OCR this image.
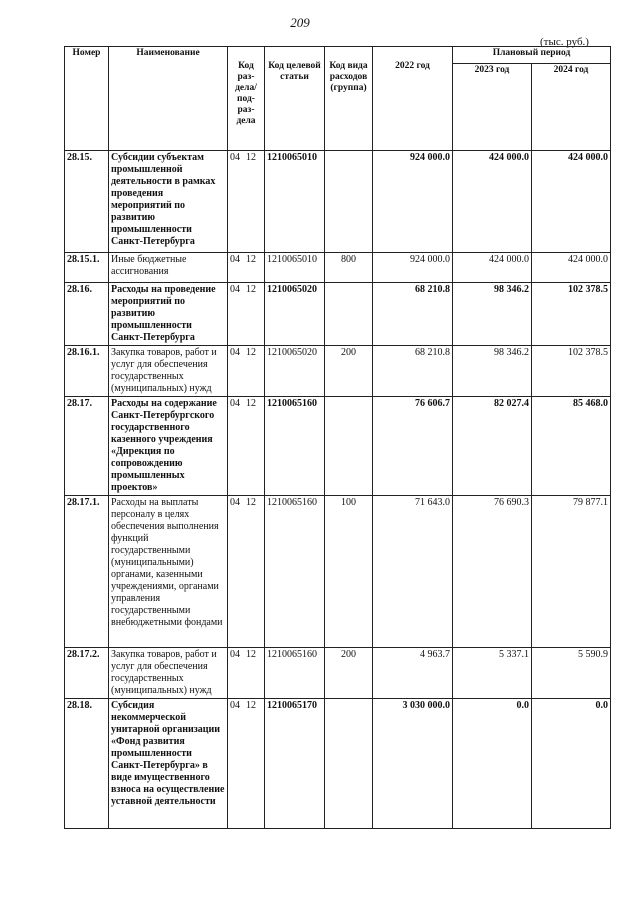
209
(тыс. руб.)
Номер	Наименование	Код раз-дела/ под-раз-дела	Код целевой статьи	Код вида расходов (группа)	2022 год	Плановый период	
						2023 год	2024 год
28.15.	Субсидии субъектам промышленной деятельности в рамках проведения мероприятий по развитию промышленности Санкт-Петербурга	04 12	1210065010		924 000.0	424 000.0	424 000.0
28.15.1.	Иные бюджетные ассигнования	04 12	1210065010	800	924 000.0	424 000.0	424 000.0
28.16.	Расходы на проведение мероприятий по развитию промышленности Санкт-Петербурга	04 12	1210065020		68 210.8	98 346.2	102 378.5
28.16.1.	Закупка товаров, работ и услуг для обеспечения государственных (муниципальных) нужд	04 12	1210065020	200	68 210.8	98 346.2	102 378.5
28.17.	Расходы на содержание Санкт-Петербургского государственного казенного учреждения «Дирекция по сопровождению промышленных проектов»	04 12	1210065160		76 606.7	82 027.4	85 468.0
28.17.1.	Расходы на выплаты персоналу в целях обеспечения выполнения функций государственными (муниципальными) органами, казенными учреждениями, органами управления государственными внебюджетными фондами	04 12	1210065160	100	71 643.0	76 690.3	79 877.1
28.17.2.	Закупка товаров, работ и услуг для обеспечения государственных (муниципальных) нужд	04 12	1210065160	200	4 963.7	5 337.1	5 590.9
28.18.	Субсидия некоммерческой унитарной организации «Фонд развития промышленности Санкт-Петербурга» в виде имущественного взноса на осуществление уставной деятельности	04 12	1210065170		3 030 000.0	0.0	0.0
